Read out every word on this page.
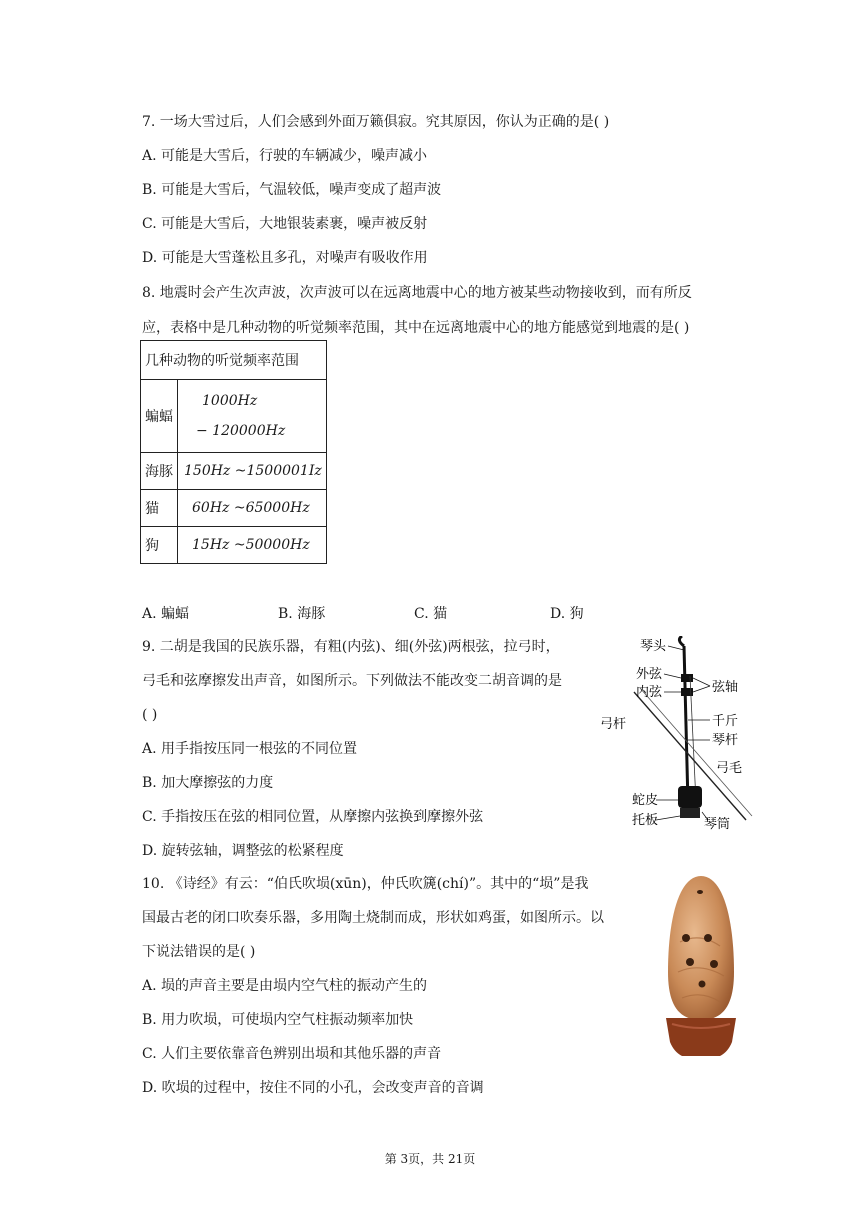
7. 一场大雪过后，人们会感到外面万籁俱寂。究其原因，你认为正确的是( )
A. 可能是大雪后，行驶的车辆减少，噪声减小
B. 可能是大雪后，气温较低，噪声变成了超声波
C. 可能是大雪后，大地银装素裹，噪声被反射
D. 可能是大雪蓬松且多孔，对噪声有吸收作用
8. 地震时会产生次声波，次声波可以在远离地震中心的地方被某些动物接收到，而有所反
应，表格中是几种动物的听觉频率范围，其中在远离地震中心的地方能感觉到地震的是( )
几种动物的听觉频率范围	
蝙蝠	1000Hz
− 120000Hz

海豚	150Hz ~1500001Iz
猫	60Hz ~65000Hz
狗	15Hz ~50000Hz
A. 蝙蝠	B. 海豚	C. 猫	D. 狗
9. 二胡是我国的民族乐器，有粗(内弦)、细(外弦)两根弦，拉弓时，
弓毛和弦摩擦发出声音，如图所示。下列做法不能改变二胡音调的是
( )
A. 用手指按压同一根弦的不同位置
B. 加大摩擦弦的力度
C. 手指按压在弦的相同位置，从摩擦内弦换到摩擦外弦
D. 旋转弦轴，调整弦的松紧程度
琴头
外弦
内弦	弦轴
弓杆	千斤
琴杆
弓毛
蛇皮
托板	琴筒
10. 《诗经》有云：“伯氏吹埙(xūn)，仲氏吹篪(chí)”。其中的“埙”是我
国最古老的闭口吹奏乐器，多用陶土烧制而成，形状如鸡蛋，如图所示。以
下说法错误的是( )
A. 埙的声音主要是由埙内空气柱的振动产生的
B. 用力吹埙，可使埙内空气柱振动频率加快
C. 人们主要依靠音色辨别出埙和其他乐器的声音
D. 吹埙的过程中，按住不同的小孔，会改变声音的音调
第 3页，共 21页
